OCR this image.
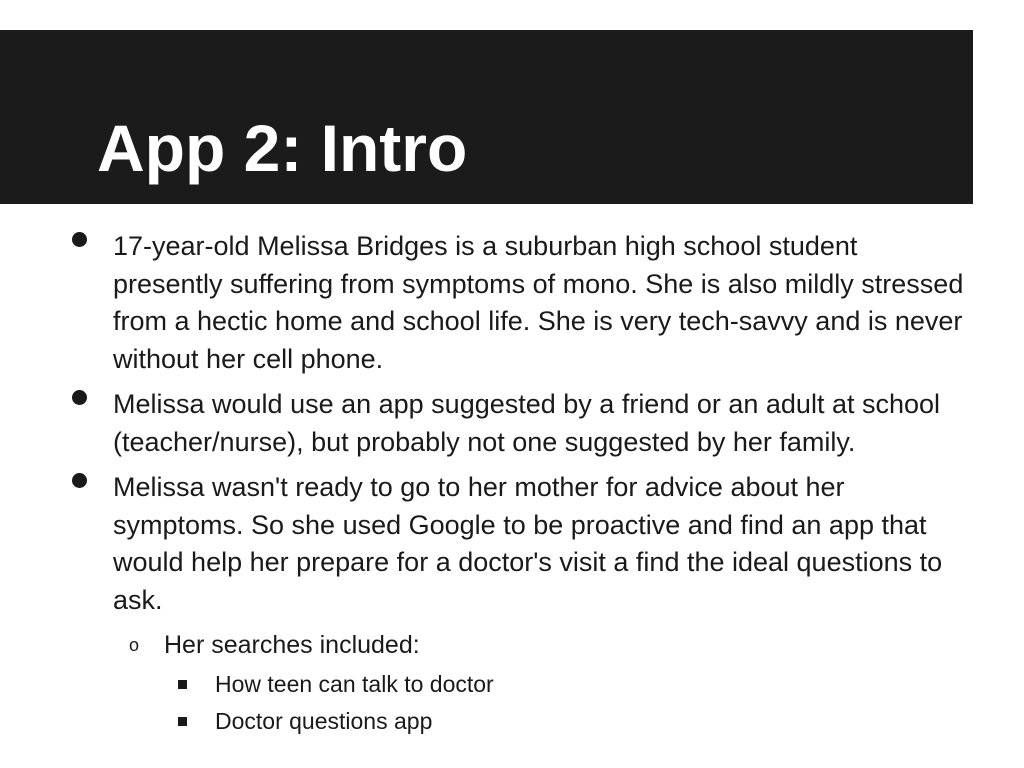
App 2: Intro
17-year-old Melissa Bridges is a suburban high school student presently suffering from symptoms of mono. She is also mildly stressed from a hectic home and school life. She is very tech-savvy and is never without her cell phone.
Melissa would use an app suggested by a friend or an adult at school (teacher/nurse), but probably not one suggested by her family.
Melissa wasn't ready to go to her mother for advice about her symptoms. So she used Google to be proactive and find an app that would help her prepare for a doctor's visit a find the ideal questions to ask.
o Her searches included:
How teen can talk to doctor
Doctor questions app
